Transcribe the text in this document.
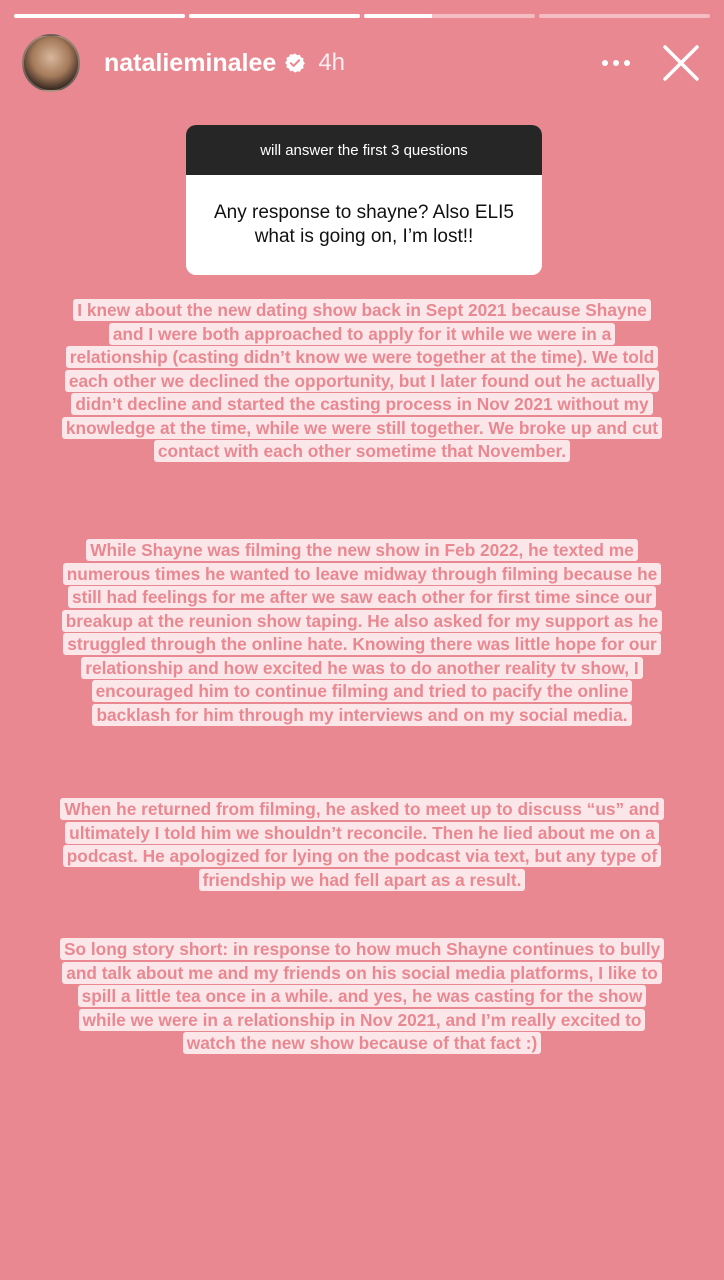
natalieminalee 4h
will answer the first 3 questions
Any response to shayne? Also ELI5 what is going on, I’m lost!!
I knew about the new dating show back in Sept 2021 because Shayne and I were both approached to apply for it while we were in a relationship (casting didn’t know we were together at the time). We told each other we declined the opportunity, but I later found out he actually didn’t decline and started the casting process in Nov 2021 without my knowledge at the time, while we were still together. We broke up and cut contact with each other sometime that November.
While Shayne was filming the new show in Feb 2022, he texted me numerous times he wanted to leave midway through filming because he still had feelings for me after we saw each other for first time since our breakup at the reunion show taping. He also asked for my support as he struggled through the online hate. Knowing there was little hope for our relationship and how excited he was to do another reality tv show, I encouraged him to continue filming and tried to pacify the online backlash for him through my interviews and on my social media.
When he returned from filming, he asked to meet up to discuss “us” and ultimately I told him we shouldn’t reconcile. Then he lied about me on a podcast. He apologized for lying on the podcast via text, but any type of friendship we had fell apart as a result.
So long story short: in response to how much Shayne continues to bully and talk about me and my friends on his social media platforms, I like to spill a little tea once in a while. and yes, he was casting for the show while we were in a relationship in Nov 2021, and I’m really excited to watch the new show because of that fact :)
